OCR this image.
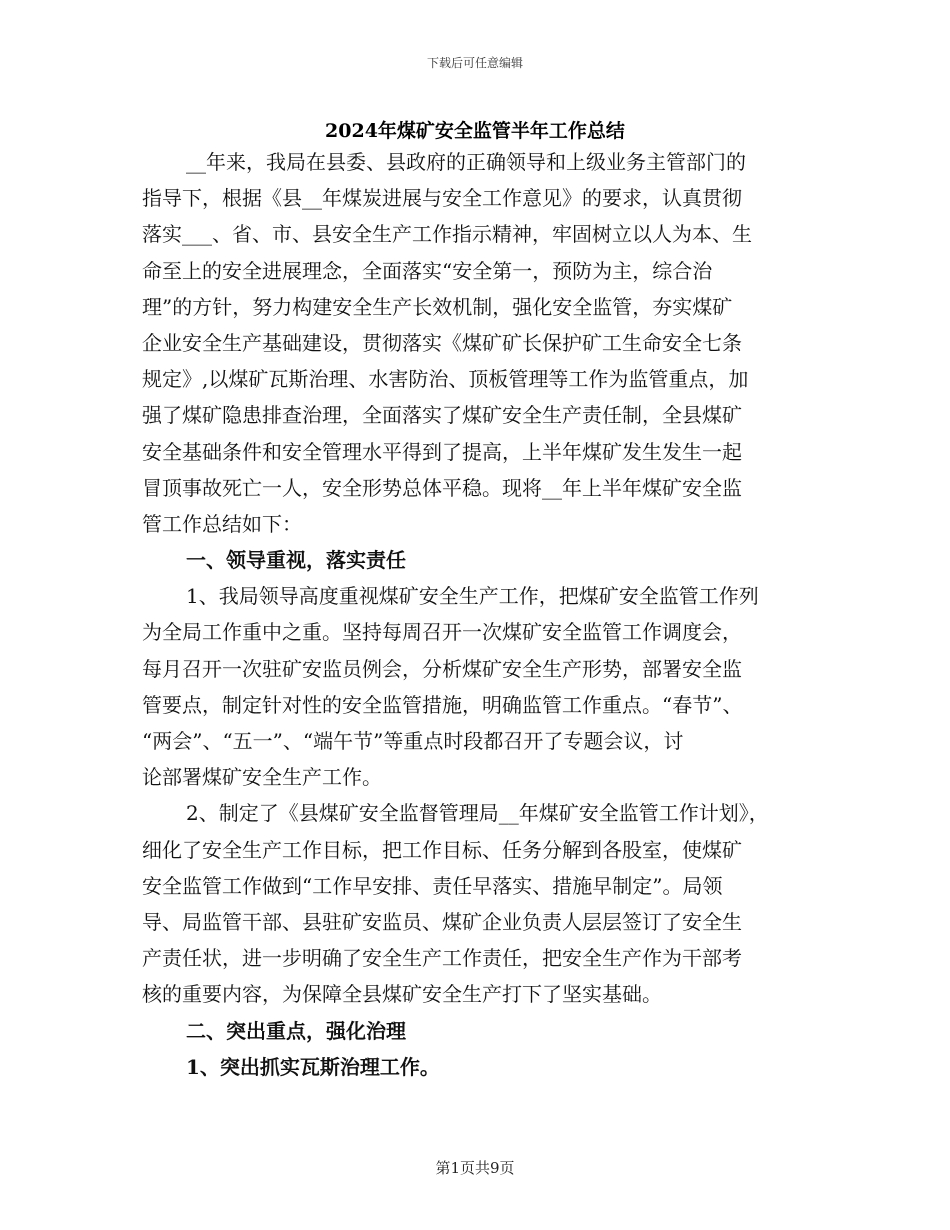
下载后可任意编辑
2024年煤矿安全监管半年工作总结
__年来，我局在县委、县政府的正确领导和上级业务主管部门的
指导下，根据《县__年煤炭进展与安全工作意见》的要求，认真贯彻
落实___、省、市、县安全生产工作指示精神，牢固树立以人为本、生
命至上的安全进展理念，全面落实“安全第一，预防为主，综合治
理”的方针，努力构建安全生产长效机制，强化安全监管，夯实煤矿
企业安全生产基础建设，贯彻落实《煤矿矿长保护矿工生命安全七条
规定》,以煤矿瓦斯治理、水害防治、顶板管理等工作为监管重点，加
强了煤矿隐患排查治理，全面落实了煤矿安全生产责任制，全县煤矿
安全基础条件和安全管理水平得到了提高，上半年煤矿发生发生一起
冒顶事故死亡一人，安全形势总体平稳。现将__年上半年煤矿安全监
管工作总结如下：
一、领导重视，落实责任
1、我局领导高度重视煤矿安全生产工作，把煤矿安全监管工作列
为全局工作重中之重。坚持每周召开一次煤矿安全监管工作调度会，
每月召开一次驻矿安监员例会，分析煤矿安全生产形势，部署安全监
管要点，制定针对性的安全监管措施，明确监管工作重点。“春节”、
“两会”、“五一”、“端午节”等重点时段都召开了专题会议，讨
论部署煤矿安全生产工作。
2、制定了《县煤矿安全监督管理局__年煤矿安全监管工作计划》，
细化了安全生产工作目标，把工作目标、任务分解到各股室，使煤矿
安全监管工作做到“工作早安排、责任早落实、措施早制定”。局领
导、局监管干部、县驻矿安监员、煤矿企业负责人层层签订了安全生
产责任状，进一步明确了安全生产工作责任，把安全生产作为干部考
核的重要内容，为保障全县煤矿安全生产打下了坚实基础。
二、突出重点，强化治理
1、突出抓实瓦斯治理工作。
第1页共9页
